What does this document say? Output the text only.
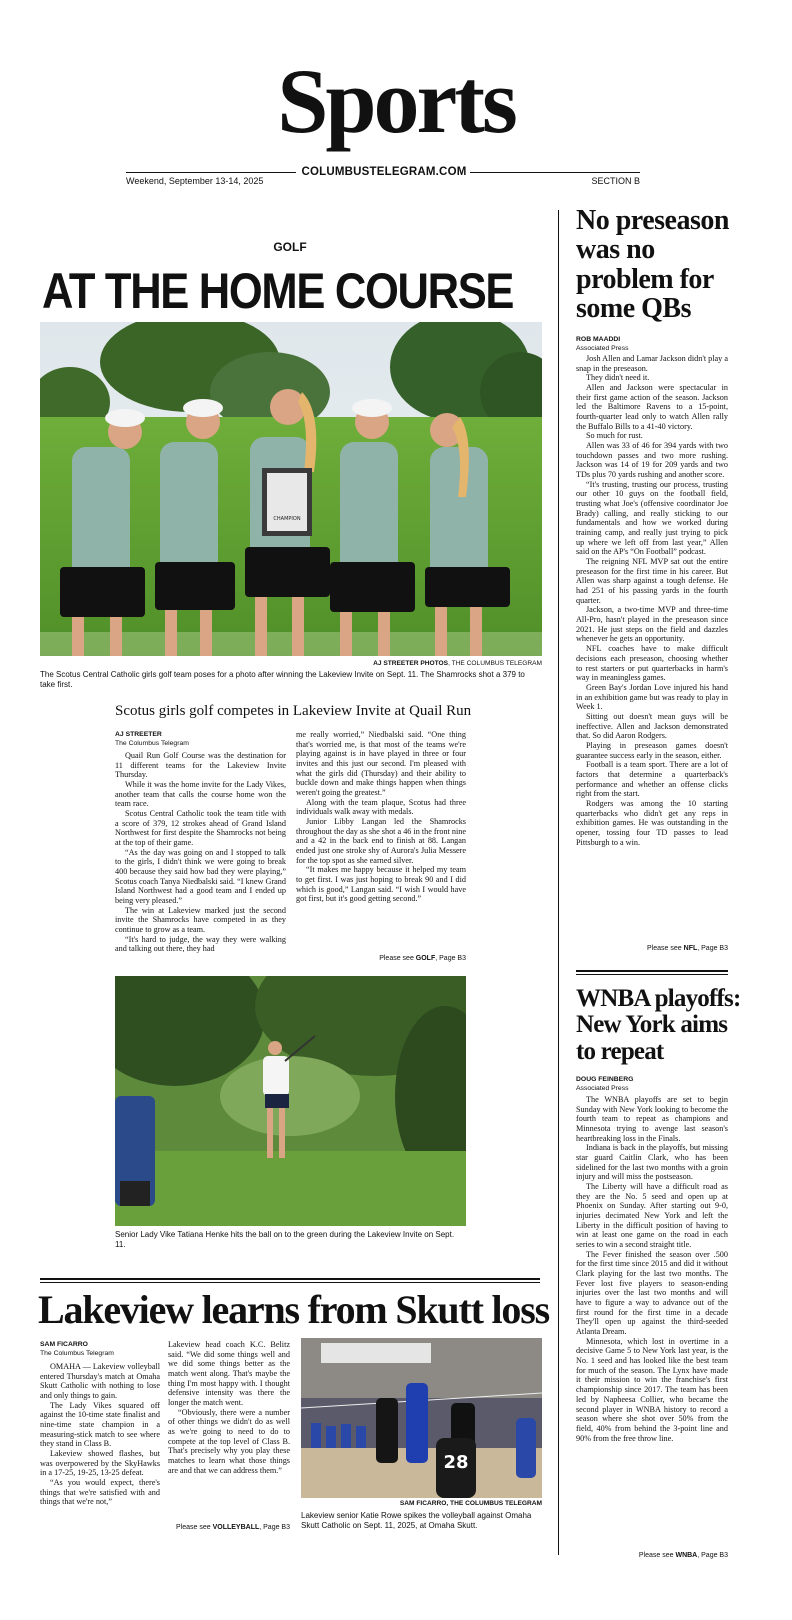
Sports
COLUMBUSTELEGRAM.COM
Weekend, September 13-14, 2025	SECTION B
GOLF
AT THE HOME COURSE
CHAMPION
AJ STREETER PHOTOS, THE COLUMBUS TELEGRAM
The Scotus Central Catholic girls golf team poses for a photo after winning the Lakeview Invite on Sept. 11. The Shamrocks shot a 379 to take first.
Scotus girls golf competes in Lakeview Invite at Quail Run
AJ STREETER
The Columbus Telegram

Quail Run Golf Course was the destination for 11 different teams for the Lakeview Invite Thursday.

While it was the home invite for the Lady Vikes, another team that calls the course home won the team race.

Scotus Central Catholic took the team title with a score of 379, 12 strokes ahead of Grand Island Northwest for first despite the Shamrocks not being at the top of their game.

“As the day was going on and I stopped to talk to the girls, I didn't think we were going to break 400 because they said how bad they were playing,” Scotus coach Tanya Niedbalski said. “I knew Grand Island Northwest had a good team and I ended up being very pleased.”

The win at Lakeview marked just the second invite the Shamrocks have competed in as they continue to grow as a team.

“It's hard to judge, the way they were walking and talking out there, they had

me really worried,” Niedbalski said. “One thing that's worried me, is that most of the teams we're playing against is in have played in three or four invites and this just our second. I'm pleased with what the girls did (Thursday) and their ability to buckle down and make things happen when things weren't going the greatest.”

Along with the team plaque, Scotus had three individuals walk away with medals.

Junior Libby Langan led the Shamrocks throughout the day as she shot a 46 in the front nine and a 42 in the back end to finish at 88. Langan ended just one stroke shy of Aurora's Julia Messere for the top spot as she earned silver.

“It makes me happy because it helped my team to get first. I was just hoping to break 90 and I did which is good,” Langan said. “I wish I would have got first, but it's good getting second.”

Please see GOLF, Page B3
Senior Lady Vike Tatiana Henke hits the ball on to the green during the Lakeview Invite on Sept. 11.
Lakeview learns from Skutt loss
SAM FICARRO
The Columbus Telegram

OMAHA — Lakeview volleyball entered Thursday's match at Omaha Skutt Catholic with nothing to lose and only things to gain.

The Lady Vikes squared off against the 10-time state finalist and nine-time state champion in a measuring-stick match to see where they stand in Class B.

Lakeview showed flashes, but was overpowered by the SkyHawks in a 17-25, 19-25, 13-25 defeat.

“As you would expect, there's things that we're satisfied with and things that we're not,”

Lakeview head coach K.C. Belitz said. “We did some things well and we did some things better as the match went along. That's maybe the thing I'm most happy with. I thought defensive intensity was there the longer the match went.

“Obviously, there were a number of other things we didn't do as well as we're going to need to do to compete at the top level of Class B. That's precisely why you play these matches to learn what those things are and that we can address them.”

Please see VOLLEYBALL, Page B3
28
SAM FICARRO, THE COLUMBUS TELEGRAM
Lakeview senior Katie Rowe spikes the volleyball against Omaha Skutt Catholic on Sept. 11, 2025, at Omaha Skutt.
No preseason was no problem for some QBs
ROB MAADDI
Associated Press

Josh Allen and Lamar Jackson didn't play a snap in the preseason.

They didn't need it.

Allen and Jackson were spectacular in their first game action of the season. Jackson led the Baltimore Ravens to a 15-point, fourth-quarter lead only to watch Allen rally the Buffalo Bills to a 41-40 victory.

So much for rust.

Allen was 33 of 46 for 394 yards with two touchdown passes and two more rushing. Jackson was 14 of 19 for 209 yards and two TDs plus 70 yards rushing and another score.

“It's trusting, trusting our process, trusting our other 10 guys on the football field, trusting what Joe's (offensive coordinator Joe Brady) calling, and really sticking to our fundamentals and how we worked during training camp, and really just trying to pick up where we left off from last year,” Allen said on the AP's “On Football” podcast.

The reigning NFL MVP sat out the entire preseason for the first time in his career. But Allen was sharp against a tough defense. He had 251 of his passing yards in the fourth quarter.

Jackson, a two-time MVP and three-time All-Pro, hasn't played in the preseason since 2021. He just steps on the field and dazzles whenever he gets an opportunity.

NFL coaches have to make difficult decisions each preseason, choosing whether to rest starters or put quarterbacks in harm's way in meaningless games.

Green Bay's Jordan Love injured his hand in an exhibition game but was ready to play in Week 1.

Sitting out doesn't mean guys will be ineffective. Allen and Jackson demonstrated that. So did Aaron Rodgers.

Playing in preseason games doesn't guarantee success early in the season, either.

Football is a team sport. There are a lot of factors that determine a quarterback's performance and whether an offense clicks right from the start.

Rodgers was among the 10 starting quarterbacks who didn't get any reps in exhibition games. He was outstanding in the opener, tossing four TD passes to lead Pittsburgh to a win.

Please see NFL, Page B3
WNBA playoffs: New York aims to repeat
DOUG FEINBERG
Associated Press

The WNBA playoffs are set to begin Sunday with New York looking to become the fourth team to repeat as champions and Minnesota trying to avenge last season's heartbreaking loss in the Finals.

Indiana is back in the playoffs, but missing star guard Caitlin Clark, who has been sidelined for the last two months with a groin injury and will miss the postseason.

The Liberty will have a difficult road as they are the No. 5 seed and open up at Phoenix on Sunday. After starting out 9-0, injuries decimated New York and left the Liberty in the difficult position of having to win at least one game on the road in each series to win a second straight title.

The Fever finished the season over .500 for the first time since 2015 and did it without Clark playing for the last two months. The Fever lost five players to season-ending injuries over the last two months and will have to figure a way to advance out of the first round for the first time in a decade They'll open up against the third-seeded Atlanta Dream.

Minnesota, which lost in overtime in a decisive Game 5 to New York last year, is the No. 1 seed and has looked like the best team for much of the season. The Lynx have made it their mission to win the franchise's first championship since 2017. The team has been led by Napheesa Collier, who became the second player in WNBA history to record a season where she shot over 50% from the field, 40% from behind the 3-point line and 90% from the free throw line.

Please see WNBA, Page B3
